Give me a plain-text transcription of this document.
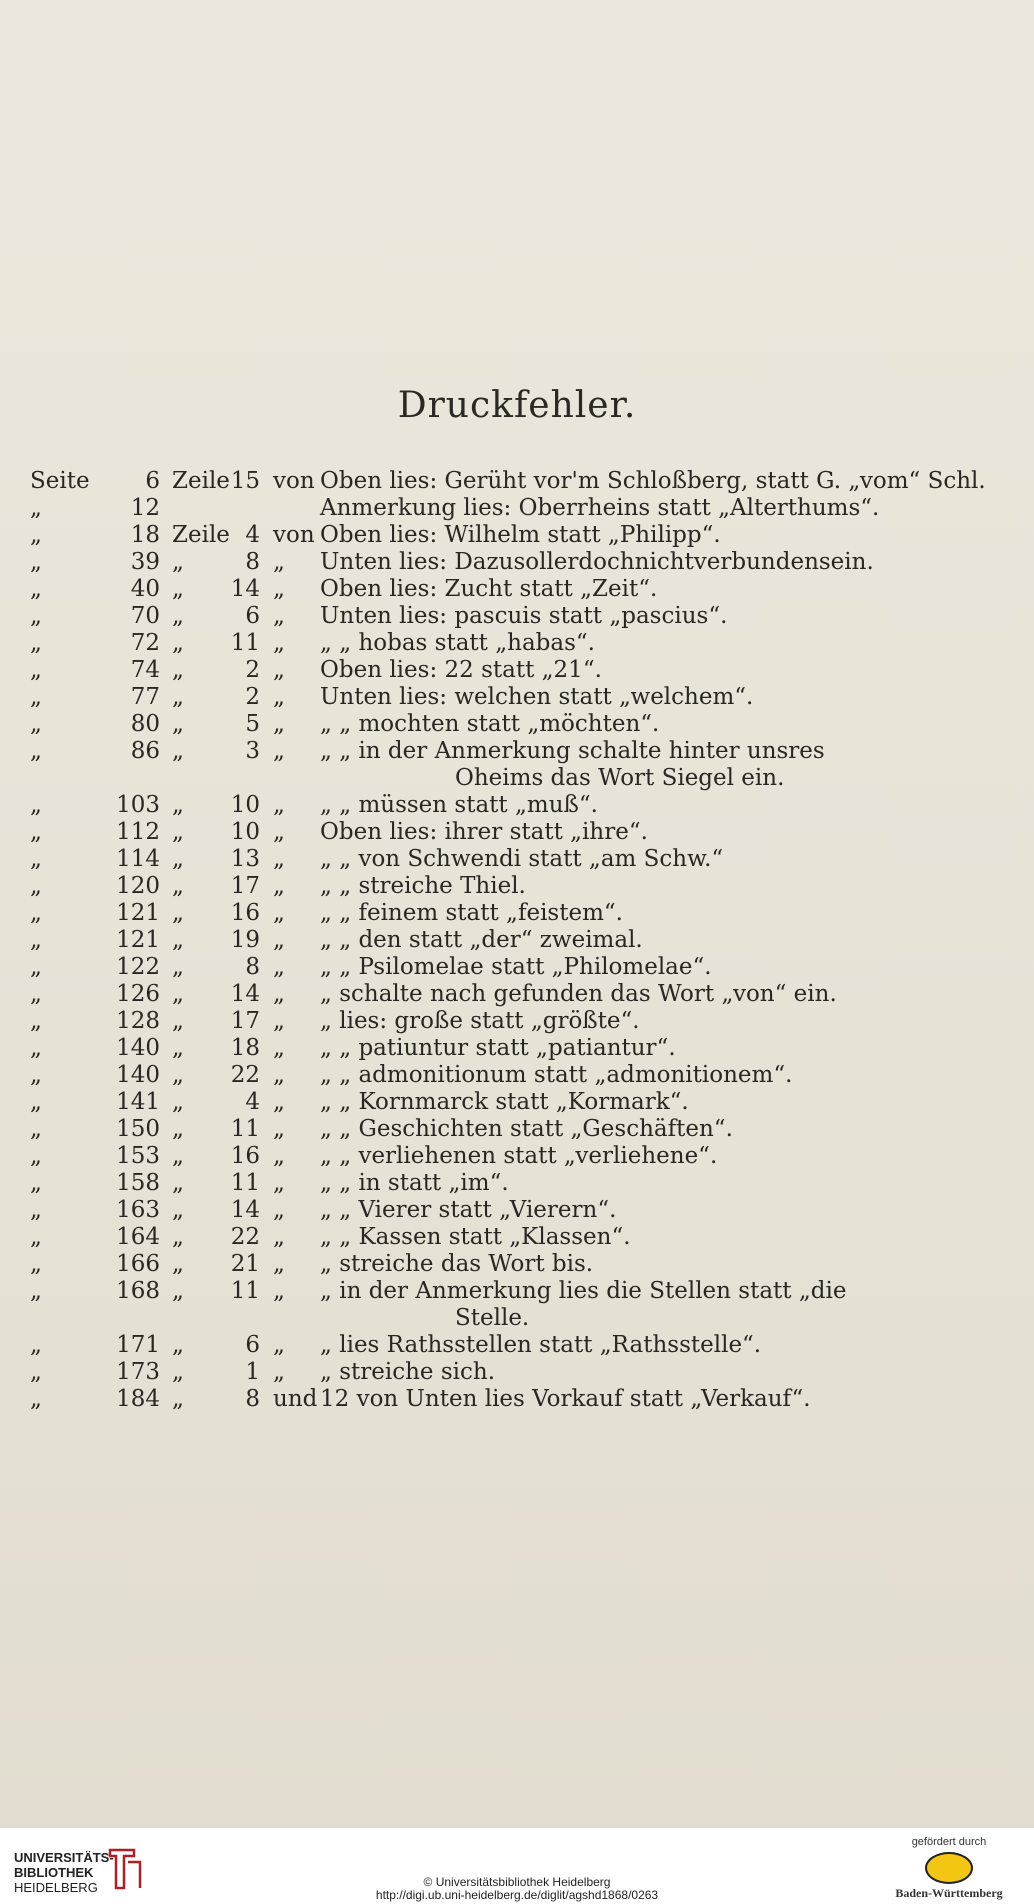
Druckfehler.
Seite	6 Zeile 15 von Oben lies: Gerüht vor'm Schloßberg, statt G. „vom“ Schl.
„	12	Anmerkung lies: Oberrheins statt „Alterthums“.
„	18 Zeile 4 von Oben lies: Wilhelm statt „Philipp“.
„	39 „	8 „	Unten lies: Dazusollerdochnichtverbundensein.
„	40 „	14 „	Oben lies: Zucht statt „Zeit“.
„	70 „	6 „	Unten lies: pascuis statt „pascius“.
„	72 „	11 „	„ „ hobas statt „habas“.
„	74 „	2 „	Oben lies: 22 statt „21“.
„	77 „	2 „	Unten lies: welchen statt „welchem“.
„	80 „	5 „	„ „ mochten statt „möchten“.
„	86 „	3 „	„ „ in der Anmerkung schalte hinter unsres
Oheims das Wort Siegel ein.
„	103 „	10 „	„ „ müssen statt „muß“.
„	112 „	10 „	Oben lies: ihrer statt „ihre“.
„	114 „	13 „	„ „ von Schwendi statt „am Schw.“
„	120 „	17 „	„ „ streiche Thiel.
„	121 „	16 „	„ „ feinem statt „feistem“.
„	121 „	19 „	„ „ den statt „der“ zweimal.
„	122 „	8 „	„ „ Psilomelae statt „Philomelae“.
„	126 „	14 „	„ schalte nach gefunden das Wort „von“ ein.
„	128 „	17 „	„ lies: große statt „größte“.
„	140 „	18 „	„ „ patiuntur statt „patiantur“.
„	140 „	22 „	„ „ admonitionum statt „admonitionem“.
„	141 „	4 „	„ „ Kornmarck statt „Kormark“.
„	150 „	11 „	„ „ Geschichten statt „Geschäften“.
„	153 „	16 „	„ „ verliehenen statt „verliehene“.
„	158 „	11 „	„ „ in statt „im“.
„	163 „	14 „	„ „ Vierer statt „Vierern“.
„	164 „	22 „	„ „ Kassen statt „Klassen“.
„	166 „	21 „	„ streiche das Wort bis.
„	168 „	11 „	„ in der Anmerkung lies die Stellen statt „die
Stelle.
„	171 „	6 „	„ lies Rathsstellen statt „Rathsstelle“.
„	173 „	1 „	„ streiche sich.
„	184 „	8 und 12 von Unten lies Vorkauf statt „Verkauf“.
UNIVERSITÄTS-
BIBLIOTHEK
HEIDELBERG	© Universitätsbibliothek Heidelberg
http://digi.ub.uni-heidelberg.de/diglit/agshd1868/0263
gefördert durch
Baden-Württemberg
